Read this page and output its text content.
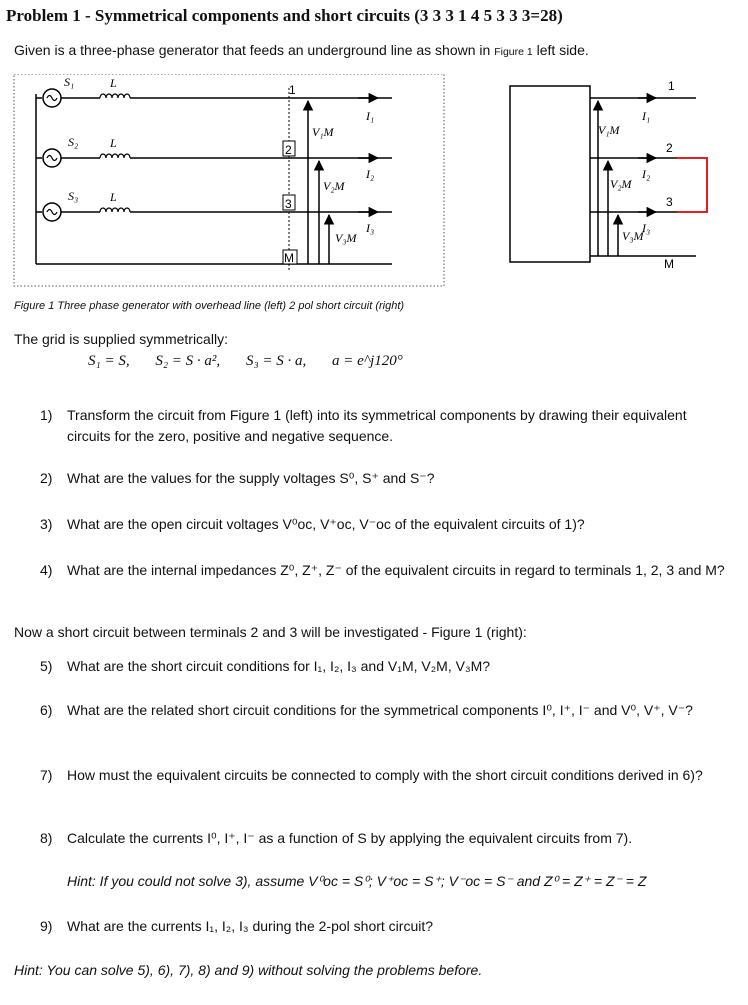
Problem 1 - Symmetrical components and short circuits (3 3 3 1 4 5 3 3 3=28)
Given is a three-phase generator that feeds an underground line as shown in Figure 1 left side.
S₁
S₂
S₃
L
L
L
V₁M
V₂M
V₃M
I₁
I₂
I₃
1
2
3
M
V₁M
V₂M
V₃M
I₁
I₂
I₃
1
2
3
M
Figure 1 Three phase generator with overhead line (left) 2 pol short circuit (right)
The grid is supplied symmetrically:
S₁ = S, S₂ = S · a², S₃ = S · a, a = e^j120°
1) Transform the circuit from Figure 1 (left) into its symmetrical components by drawing their equivalent circuits for the zero, positive and negative sequence.
2) What are the values for the supply voltages S⁰, S⁺ and S⁻?
3) What are the open circuit voltages V⁰oc, V⁺oc, V⁻oc of the equivalent circuits of 1)?
4) What are the internal impedances Z⁰, Z⁺, Z⁻ of the equivalent circuits in regard to terminals 1, 2, 3 and M?
Now a short circuit between terminals 2 and 3 will be investigated - Figure 1 (right):
5) What are the short circuit conditions for I₁, I₂, I₃ and V₁M, V₂M, V₃M?
6) What are the related short circuit conditions for the symmetrical components I⁰, I⁺, I⁻ and V⁰, V⁺, V⁻?
7) How must the equivalent circuits be connected to comply with the short circuit conditions derived in 6)?
8) Calculate the currents I⁰, I⁺, I⁻ as a function of S by applying the equivalent circuits from 7).
Hint: If you could not solve 3), assume V⁰oc = S⁰; V⁺oc = S⁺; V⁻oc = S⁻ and Z⁰ = Z⁺ = Z⁻ = Z
9) What are the currents I₁, I₂, I₃ during the 2-pol short circuit?
Hint: You can solve 5), 6), 7), 8) and 9) without solving the problems before.
